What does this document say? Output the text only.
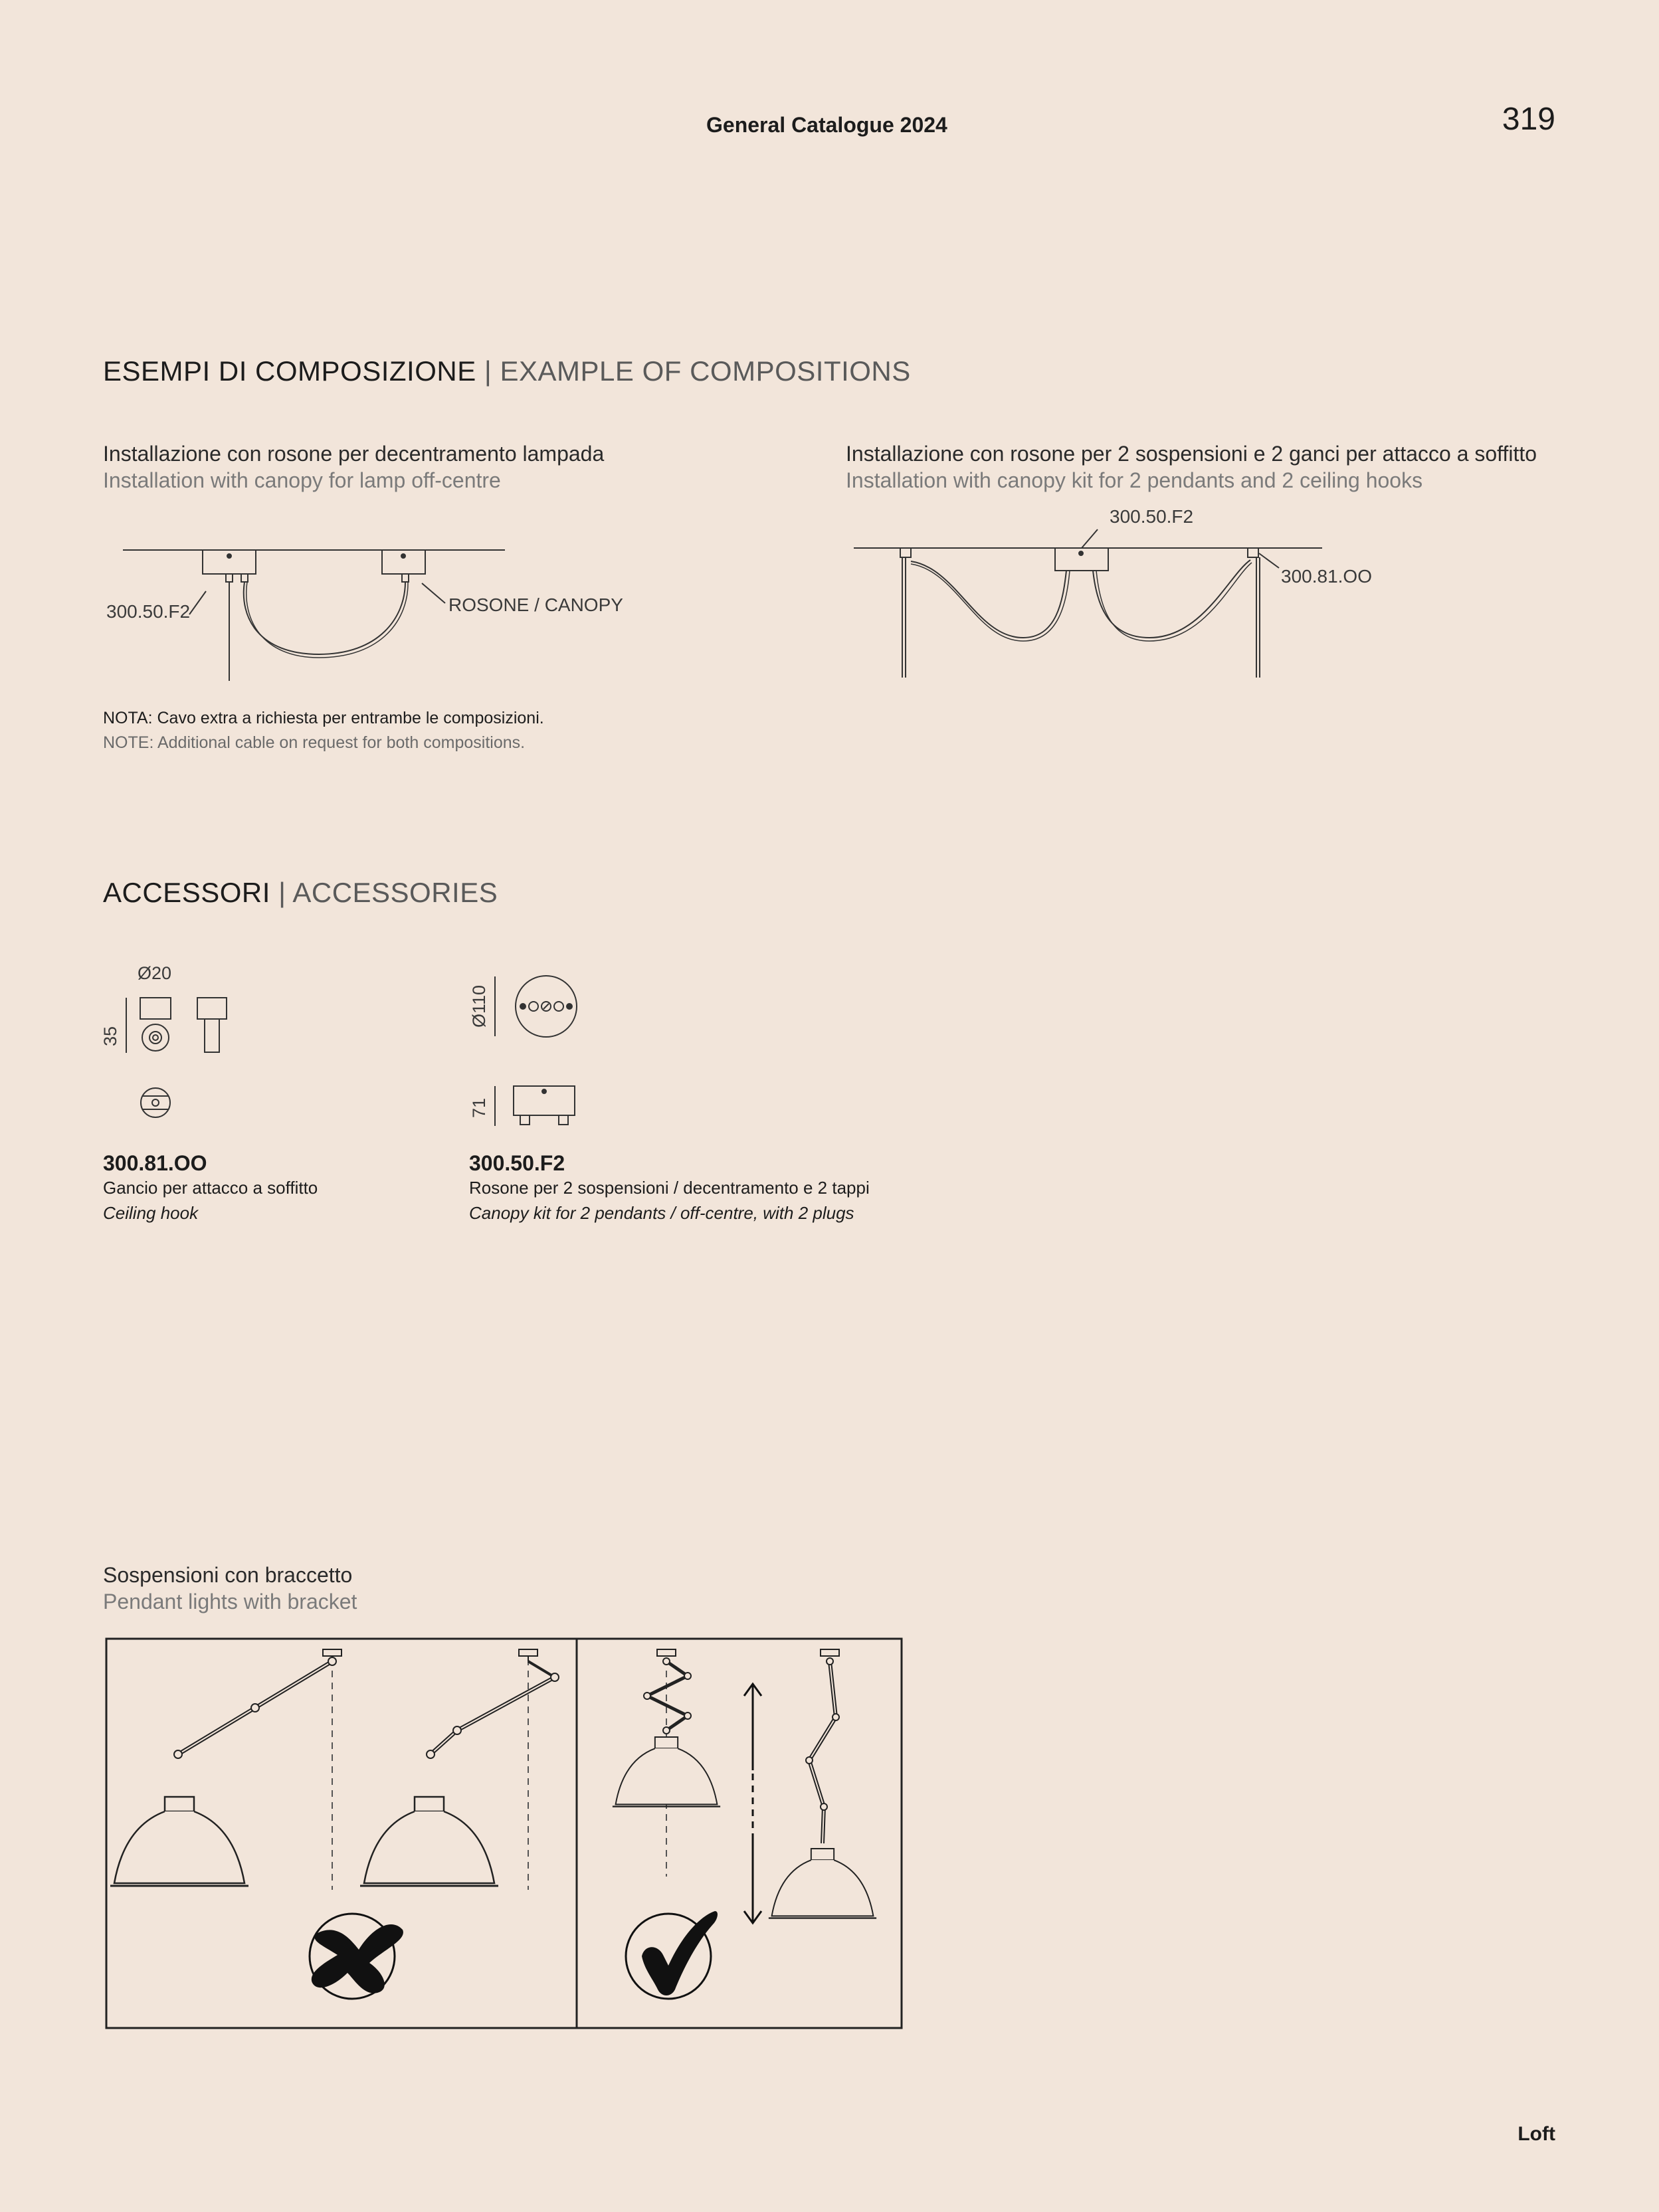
General Catalogue 2024	319
ESEMPI DI COMPOSIZIONE | EXAMPLE OF COMPOSITIONS
Installazione con rosone per decentramento lampada
Installation with canopy for lamp off-centre
Installazione con rosone per 2 sospensioni e 2 ganci per attacco a soffitto
Installation with canopy kit for 2 pendants and 2 ceiling hooks
300.50.F2	ROSONE / CANOPY
300.50.F2
300.81.OO
NOTA: Cavo extra a richiesta per entrambe le composizioni.
NOTE: Additional cable on request for both compositions.
ACCESSORI | ACCESSORIES
Ø20
35
Ø110
71
300.81.OO
Gancio per attacco a soffitto
Ceiling hook
300.50.F2
Rosone per 2 sospensioni / decentramento e 2 tappi
Canopy kit for 2 pendants / off-centre, with 2 plugs
Sospensioni con braccetto
Pendant lights with bracket
Loft
